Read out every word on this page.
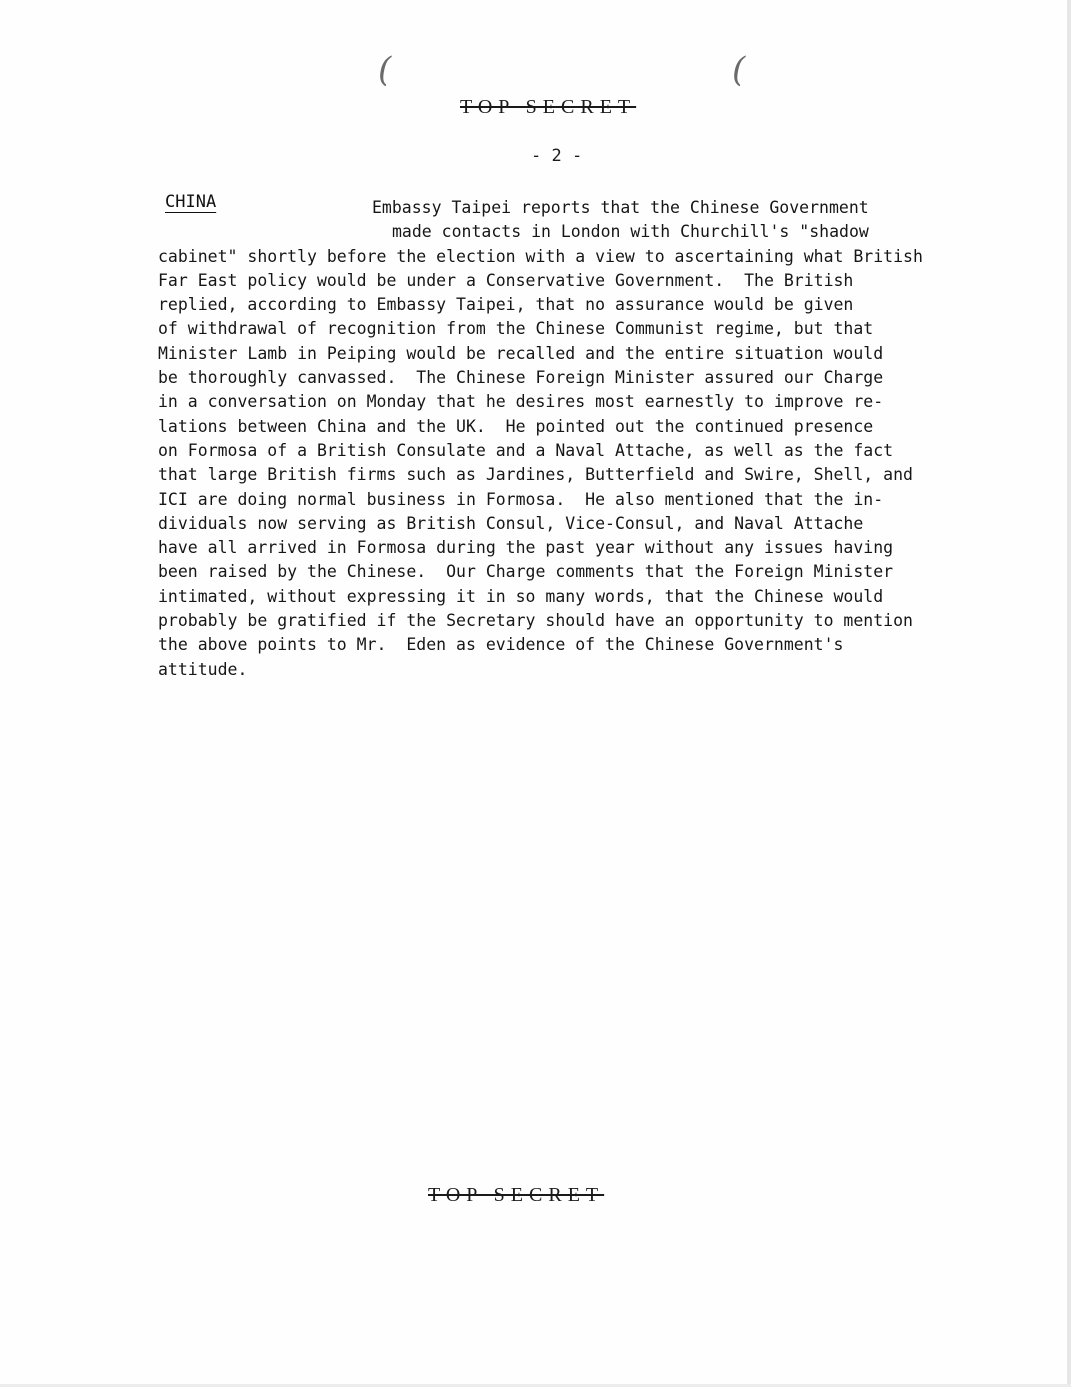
(	(
TOP SECRET
- 2 -
CHINA	Embassy Taipei reports that the Chinese Government
made contacts in London with Churchill's "shadow
cabinet" shortly before the election with a view to ascertaining what British
Far East policy would be under a Conservative Government.  The British
replied, according to Embassy Taipei, that no assurance would be given
of withdrawal of recognition from the Chinese Communist regime, but that
Minister Lamb in Peiping would be recalled and the entire situation would
be thoroughly canvassed.  The Chinese Foreign Minister assured our Charge
in a conversation on Monday that he desires most earnestly to improve re-
lations between China and the UK.  He pointed out the continued presence
on Formosa of a British Consulate and a Naval Attache, as well as the fact
that large British firms such as Jardines, Butterfield and Swire, Shell, and
ICI are doing normal business in Formosa.  He also mentioned that the in-
dividuals now serving as British Consul, Vice-Consul, and Naval Attache
have all arrived in Formosa during the past year without any issues having
been raised by the Chinese.  Our Charge comments that the Foreign Minister
intimated, without expressing it in so many words, that the Chinese would
probably be gratified if the Secretary should have an opportunity to mention
the above points to Mr.  Eden as evidence of the Chinese Government's
attitude.
TOP SECRET
